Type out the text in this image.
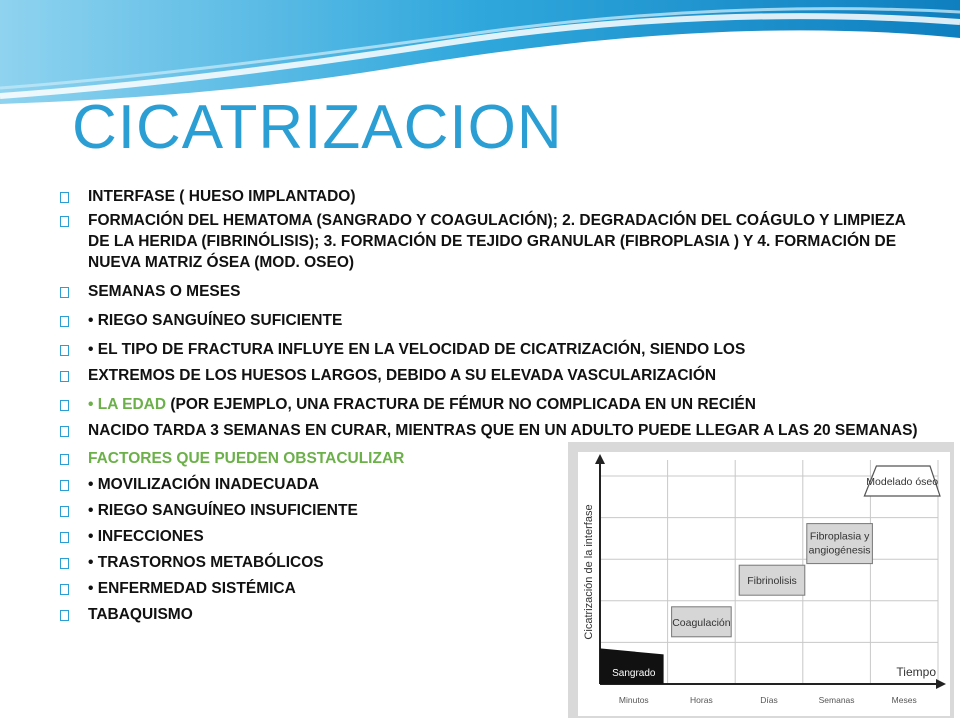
CICATRIZACION
INTERFASE ( HUESO IMPLANTADO)
FORMACIÓN DEL HEMATOMA (SANGRADO Y COAGULACIÓN); 2. DEGRADACIÓN DEL COÁGULO Y LIMPIEZA DE LA HERIDA (FIBRINÓLISIS); 3. FORMACIÓN DE TEJIDO GRANULAR (FIBROPLASIA ) Y 4. FORMACIÓN DE NUEVA MATRIZ ÓSEA (MOD. OSEO)
SEMANAS O MESES
• RIEGO SANGUÍNEO SUFICIENTE
• EL TIPO DE FRACTURA INFLUYE EN LA VELOCIDAD DE CICATRIZACIÓN, SIENDO LOS
EXTREMOS DE LOS HUESOS LARGOS, DEBIDO A SU ELEVADA VASCULARIZACIÓN
• LA EDAD (POR EJEMPLO, UNA FRACTURA DE FÉMUR NO COMPLICADA EN UN RECIÉN
NACIDO TARDA 3 SEMANAS EN CURAR, MIENTRAS QUE EN UN ADULTO PUEDE LLEGAR A LAS 20 SEMANAS)
FACTORES QUE PUEDEN OBSTACULIZAR
• MOVILIZACIÓN INADECUADA
• RIEGO SANGUÍNEO INSUFICIENTE
• INFECCIONES
• TRASTORNOS METABÓLICOS
• ENFERMEDAD SISTÉMICA
TABAQUISMO	Cicatrización de la interfase
Tiempo
Minutos	Horas	Días	Semanas	Meses
Sangrado
Coagulación
Fibrinolisis
Fibroplasia y
angiogénesis
Modelado óseo
